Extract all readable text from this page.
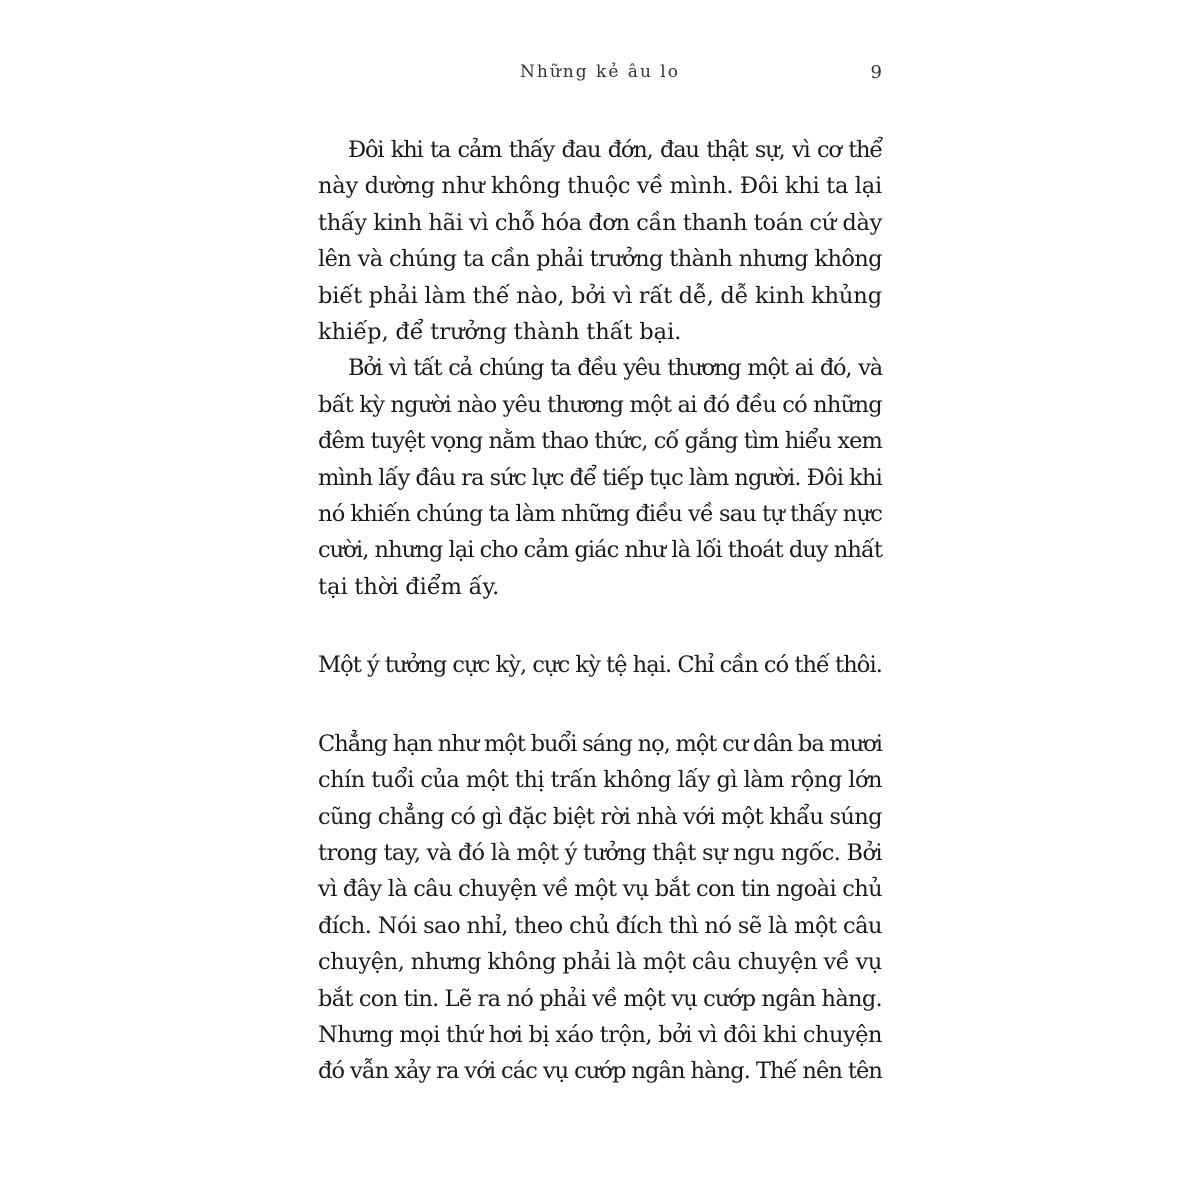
Những kẻ âu lo	9

Đôi khi ta cảm thấy đau đớn, đau thật sự, vì cơ thể
này dường như không thuộc về mình. Đôi khi ta lại
thấy kinh hãi vì chỗ hóa đơn cần thanh toán cứ dày
lên và chúng ta cần phải trưởng thành nhưng không
biết phải làm thế nào, bởi vì rất dễ, dễ kinh khủng
khiếp, để trưởng thành thất bại.

Bởi vì tất cả chúng ta đều yêu thương một ai đó, và
bất kỳ người nào yêu thương một ai đó đều có những
đêm tuyệt vọng nằm thao thức, cố gắng tìm hiểu xem
mình lấy đâu ra sức lực để tiếp tục làm người. Đôi khi
nó khiến chúng ta làm những điều về sau tự thấy nực
cười, nhưng lại cho cảm giác như là lối thoát duy nhất
tại thời điểm ấy.

Một ý tưởng cực kỳ, cực kỳ tệ hại. Chỉ cần có thế thôi.

Chẳng hạn như một buổi sáng nọ, một cư dân ba mươi
chín tuổi của một thị trấn không lấy gì làm rộng lớn
cũng chẳng có gì đặc biệt rời nhà với một khẩu súng
trong tay, và đó là một ý tưởng thật sự ngu ngốc. Bởi
vì đây là câu chuyện về một vụ bắt con tin ngoài chủ
đích. Nói sao nhỉ, theo chủ đích thì nó sẽ là một câu
chuyện, nhưng không phải là một câu chuyện về vụ
bắt con tin. Lẽ ra nó phải về một vụ cướp ngân hàng.
Nhưng mọi thứ hơi bị xáo trộn, bởi vì đôi khi chuyện
đó vẫn xảy ra với các vụ cướp ngân hàng. Thế nên tên
